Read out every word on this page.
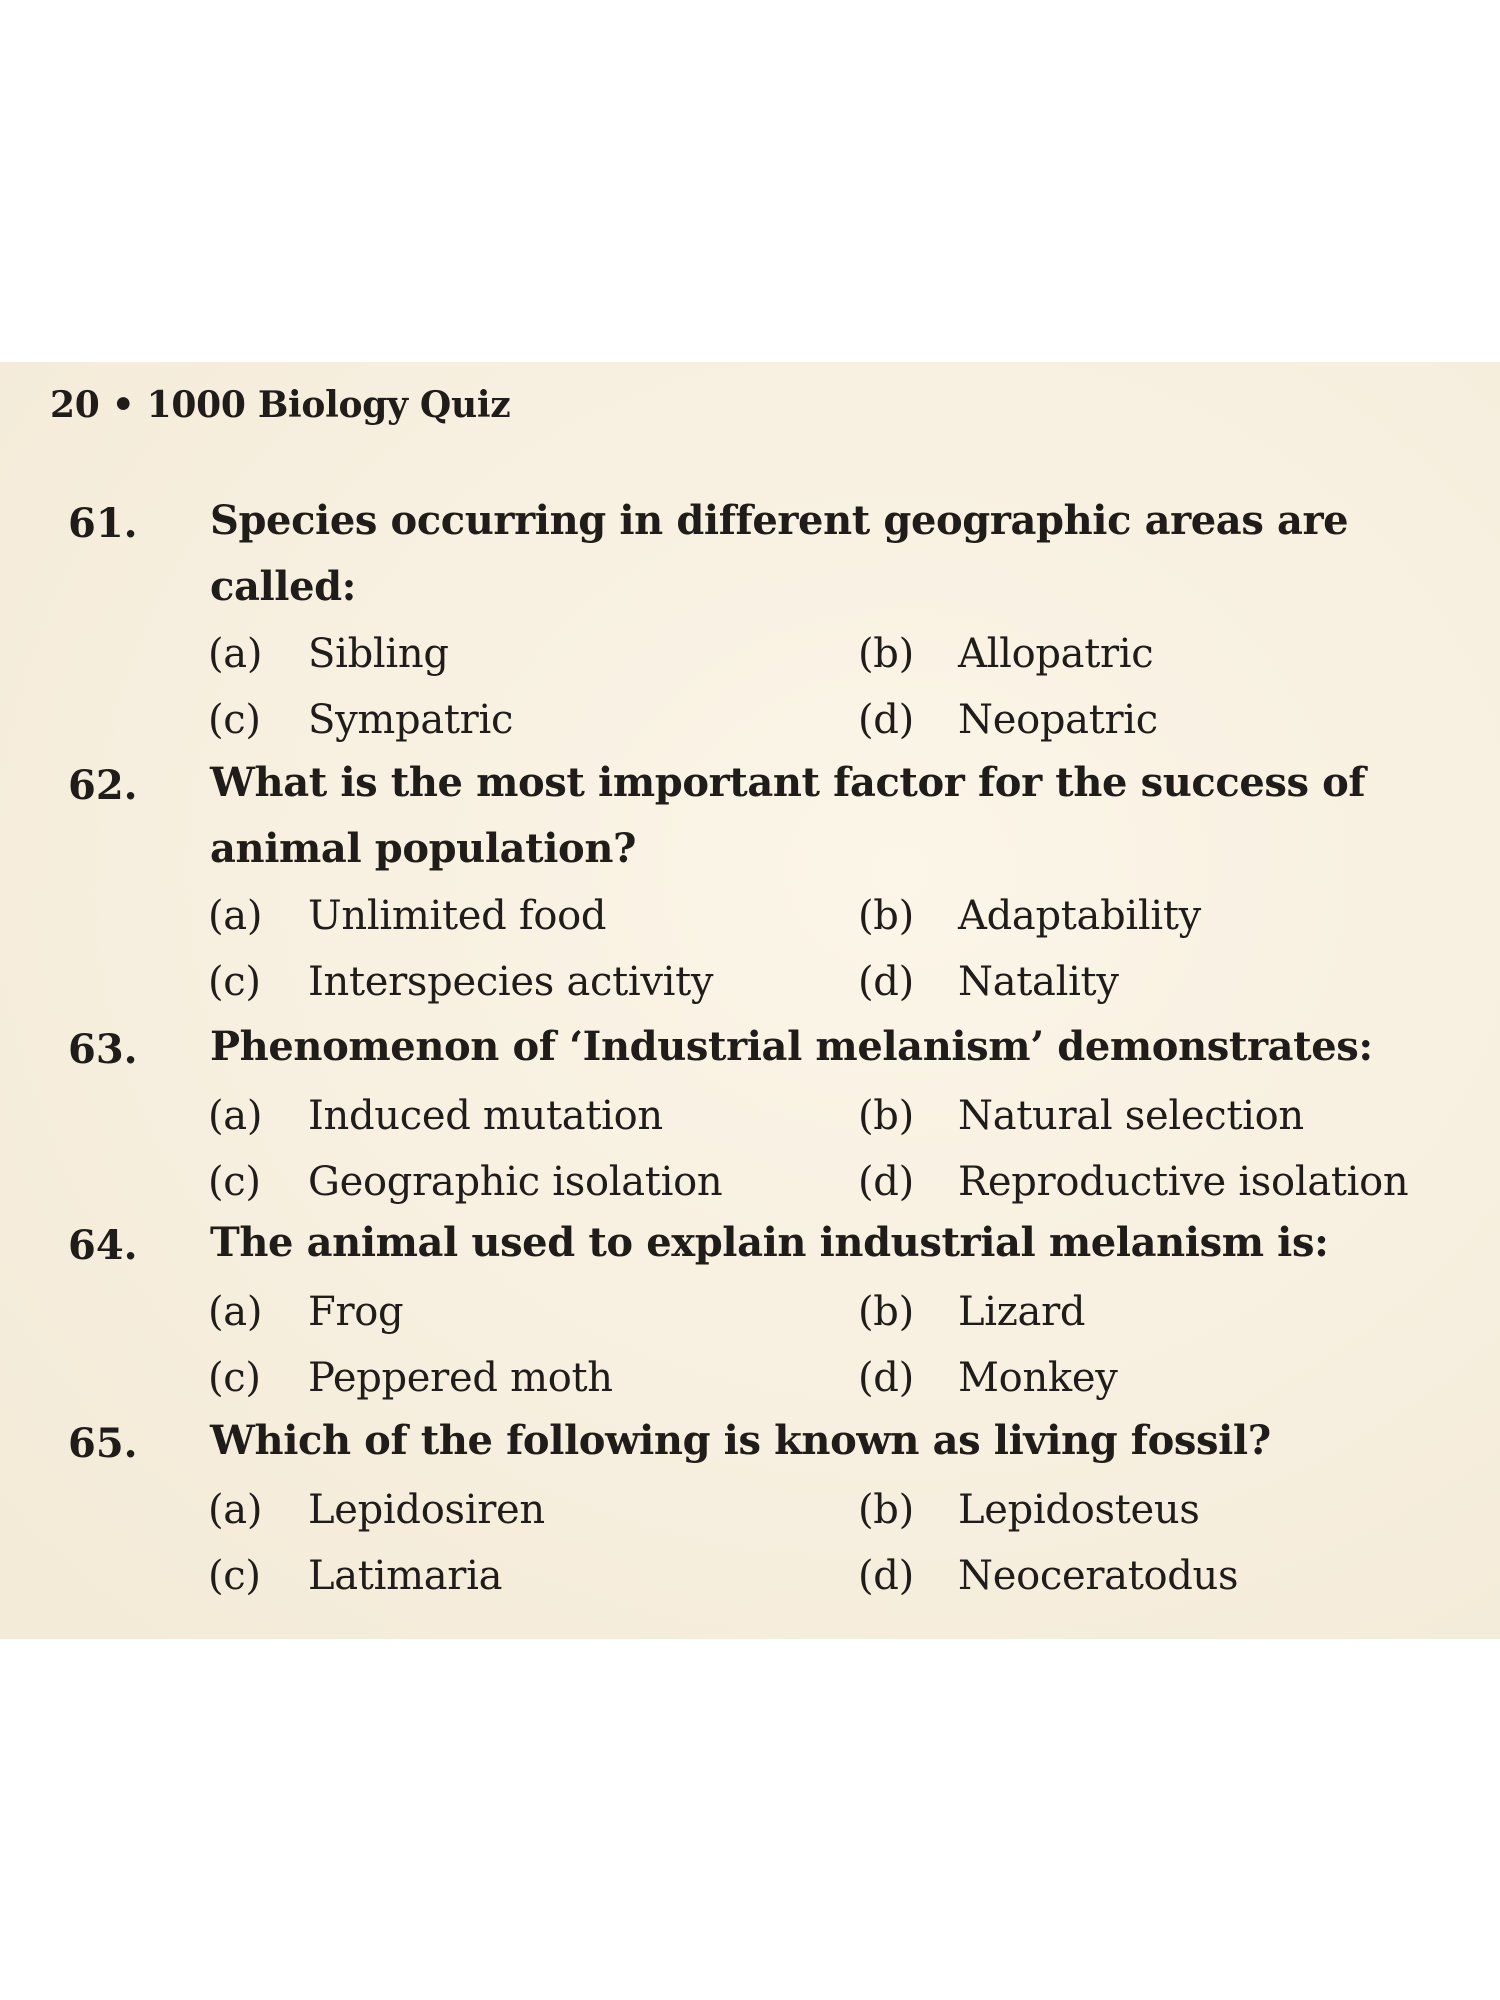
20 • 1000 Biology Quiz
61. Species occurring in different geographic areas are called:
(a) Sibling	(b) Allopatric
(c) Sympatric	(d) Neopatric
62. What is the most important factor for the success of animal population?
(a) Unlimited food	(b) Adaptability
(c) Interspecies activity	(d) Natality
63. Phenomenon of ‘Industrial melanism’ demonstrates:
(a) Induced mutation	(b) Natural selection
(c) Geographic isolation	(d) Reproductive isolation
64. The animal used to explain industrial melanism is:
(a) Frog	(b) Lizard
(c) Peppered moth	(d) Monkey
65. Which of the following is known as living fossil?
(a) Lepidosiren	(b) Lepidosteus
(c) Latimaria	(d) Neoceratodus
